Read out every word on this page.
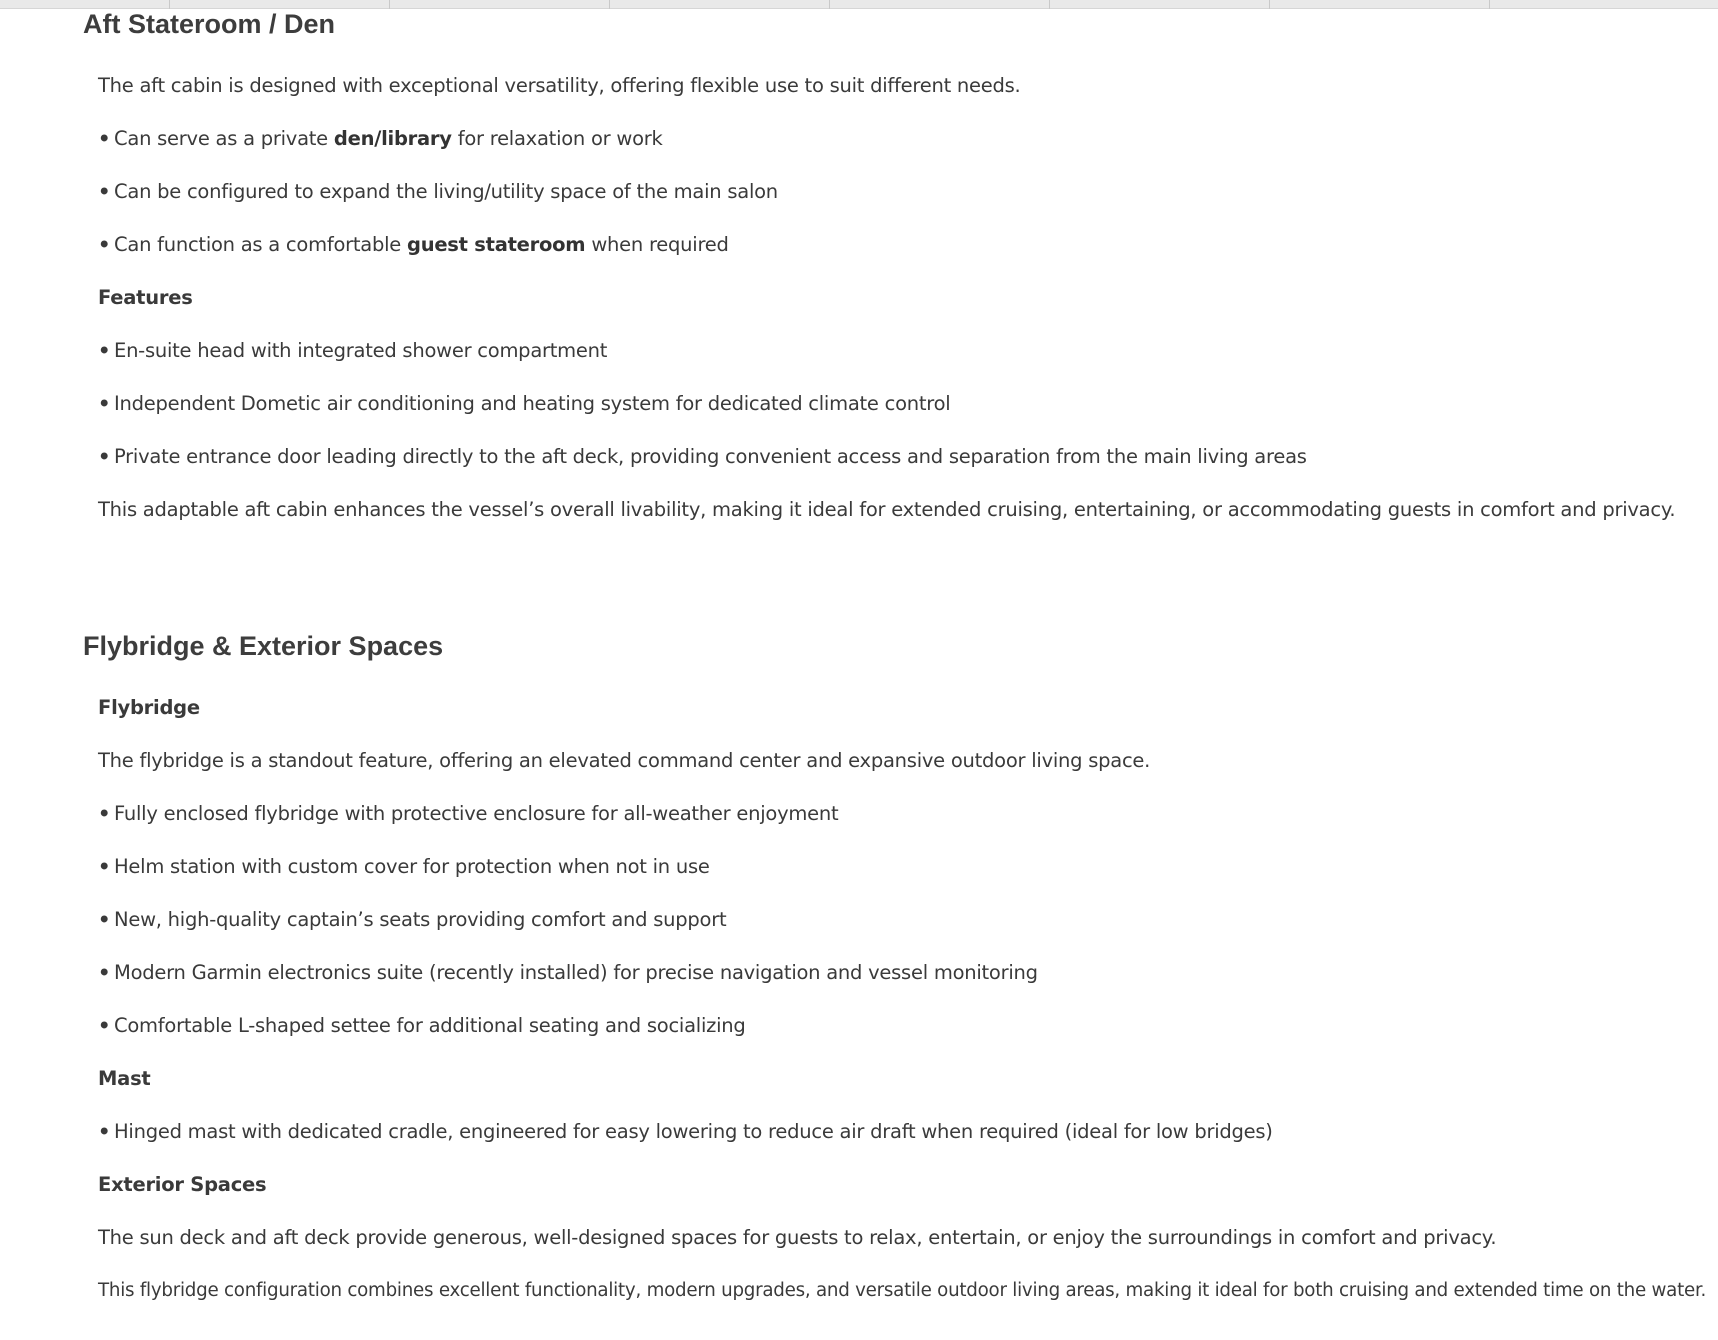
Aft Stateroom / Den

The aft cabin is designed with exceptional versatility, offering flexible use to suit different needs.

• Can serve as a private den/library for relaxation or work

• Can be configured to expand the living/utility space of the main salon

• Can function as a comfortable guest stateroom when required

Features

• En-suite head with integrated shower compartment

• Independent Dometic air conditioning and heating system for dedicated climate control

• Private entrance door leading directly to the aft deck, providing convenient access and separation from the main living areas

This adaptable aft cabin enhances the vessel’s overall livability, making it ideal for extended cruising, entertaining, or accommodating guests in comfort and privacy.

Flybridge & Exterior Spaces

Flybridge

The flybridge is a standout feature, offering an elevated command center and expansive outdoor living space.

• Fully enclosed flybridge with protective enclosure for all-weather enjoyment

• Helm station with custom cover for protection when not in use

• New, high-quality captain’s seats providing comfort and support

• Modern Garmin electronics suite (recently installed) for precise navigation and vessel monitoring

• Comfortable L-shaped settee for additional seating and socializing

Mast

• Hinged mast with dedicated cradle, engineered for easy lowering to reduce air draft when required (ideal for low bridges)

Exterior Spaces

The sun deck and aft deck provide generous, well-designed spaces for guests to relax, entertain, or enjoy the surroundings in comfort and privacy.

This flybridge configuration combines excellent functionality, modern upgrades, and versatile outdoor living areas, making it ideal for both cruising and extended time on the water.
